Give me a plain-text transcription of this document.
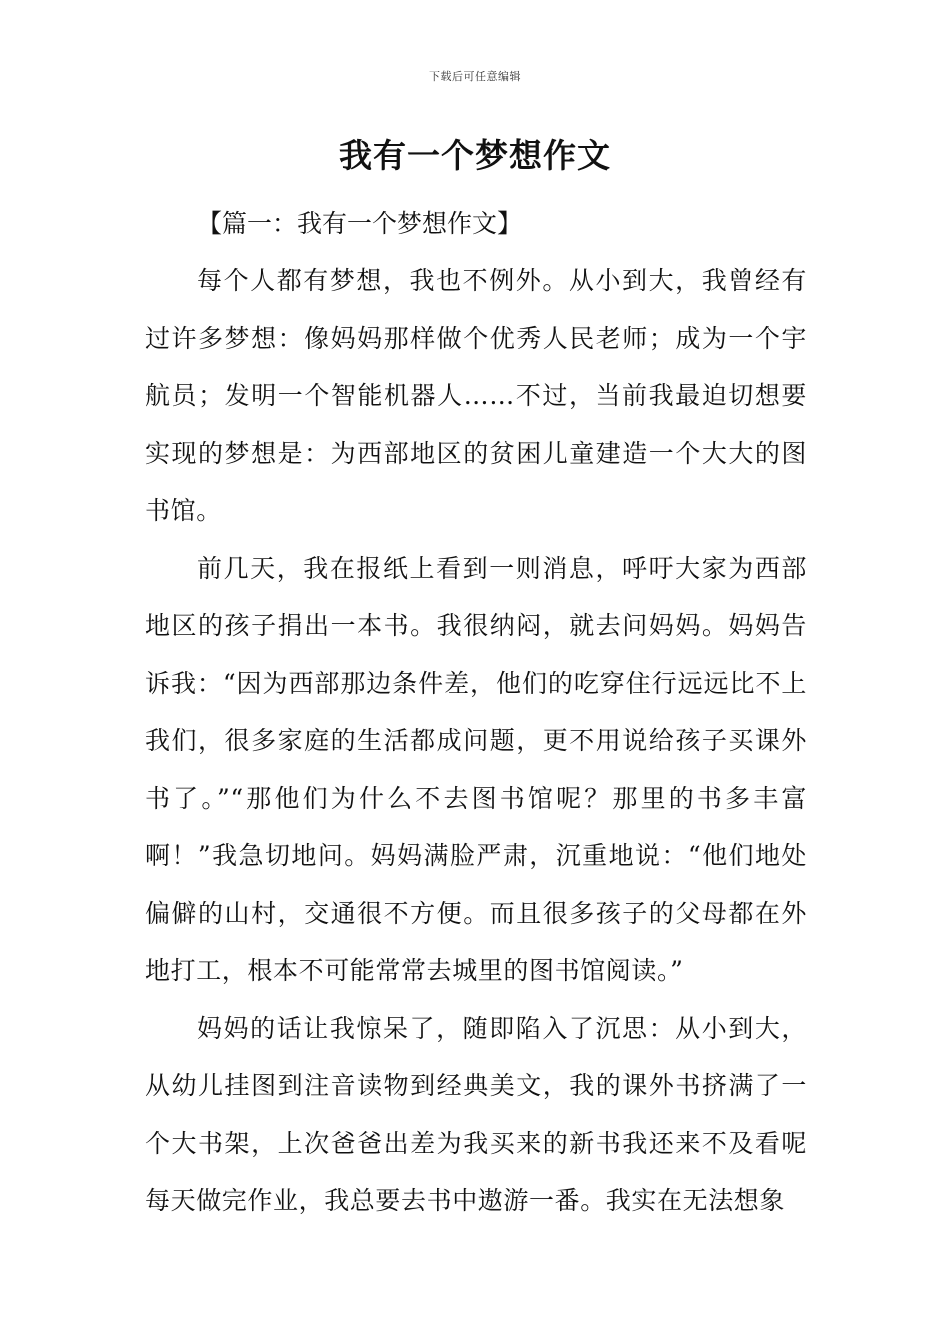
下载后可任意编辑
我有一个梦想作文

【篇一：我有一个梦想作文】

每个人都有梦想，我也不例外。从小到大，我曾经有过许多梦想：像妈妈那样做个优秀人民老师；成为一个宇航员；发明一个智能机器人……不过，当前我最迫切想要实现的梦想是：为西部地区的贫困儿童建造一个大大的图书馆。

前几天，我在报纸上看到一则消息，呼吁大家为西部地区的孩子捐出一本书。我很纳闷，就去问妈妈。妈妈告诉我：“因为西部那边条件差，他们的吃穿住行远远比不上我们，很多家庭的生活都成问题，更不用说给孩子买课外书了。”“那他们为什么不去图书馆呢？那里的书多丰富啊！”我急切地问。妈妈满脸严肃，沉重地说：“他们地处偏僻的山村，交通很不方便。而且很多孩子的父母都在外地打工，根本不可能常常去城里的图书馆阅读。”

妈妈的话让我惊呆了，随即陷入了沉思：从小到大，从幼儿挂图到注音读物到经典美文，我的课外书挤满了一个大书架，上次爸爸出差为我买来的新书我还来不及看呢每天做完作业，我总要去书中遨游一番。我实在无法想象
